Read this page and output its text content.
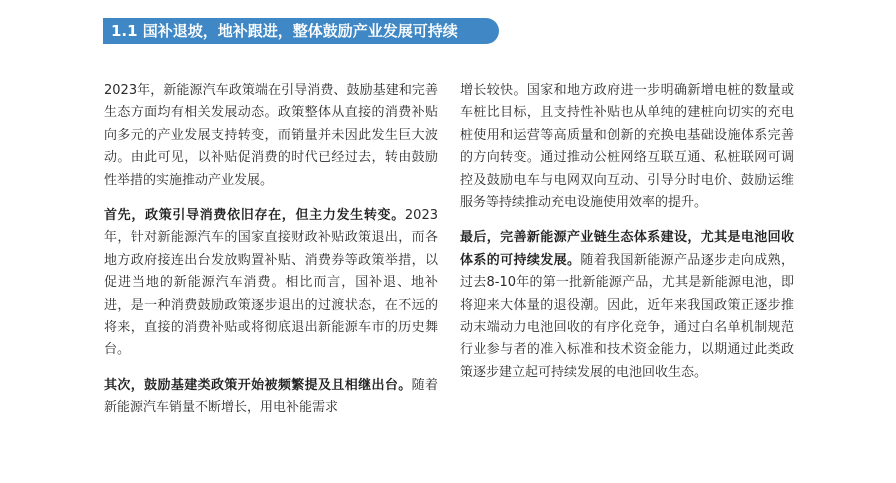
1.1 国补退坡，地补跟进，整体鼓励产业发展可持续

2023年，新能源汽车政策端在引导消费、鼓励基建和完善生态方面均有相关发展动态。政策整体从直接的消费补贴向多元的产业发展支持转变，而销量并未因此发生巨大波动。由此可见，以补贴促消费的时代已经过去，转由鼓励性举措的实施推动产业发展。

首先，政策引导消费依旧存在，但主力发生转变。2023年，针对新能源汽车的国家直接财政补贴政策退出，而各地方政府接连出台发放购置补贴、消费券等政策举措，以促进当地的新能源汽车消费。相比而言，国补退、地补进，是一种消费鼓励政策逐步退出的过渡状态，在不远的将来，直接的消费补贴或将彻底退出新能源车市的历史舞台。

其次，鼓励基建类政策开始被频繁提及且相继出台。随着新能源汽车销量不断增长，用电补能需求

增长较快。国家和地方政府进一步明确新增电桩的数量或车桩比目标，且支持性补贴也从单纯的建桩向切实的充电桩使用和运营等高质量和创新的充换电基础设施体系完善的方向转变。通过推动公桩网络互联互通、私桩联网可调控及鼓励电车与电网双向互动、引导分时电价、鼓励运维服务等持续推动充电设施使用效率的提升。

最后，完善新能源产业链生态体系建设，尤其是电池回收体系的可持续发展。随着我国新能源产品逐步走向成熟，过去8-10年的第一批新能源产品，尤其是新能源电池，即将迎来大体量的退役潮。因此，近年来我国政策正逐步推动末端动力电池回收的有序化竞争，通过白名单机制规范行业参与者的准入标准和技术资金能力，以期通过此类政策逐步建立起可持续发展的电池回收生态。
